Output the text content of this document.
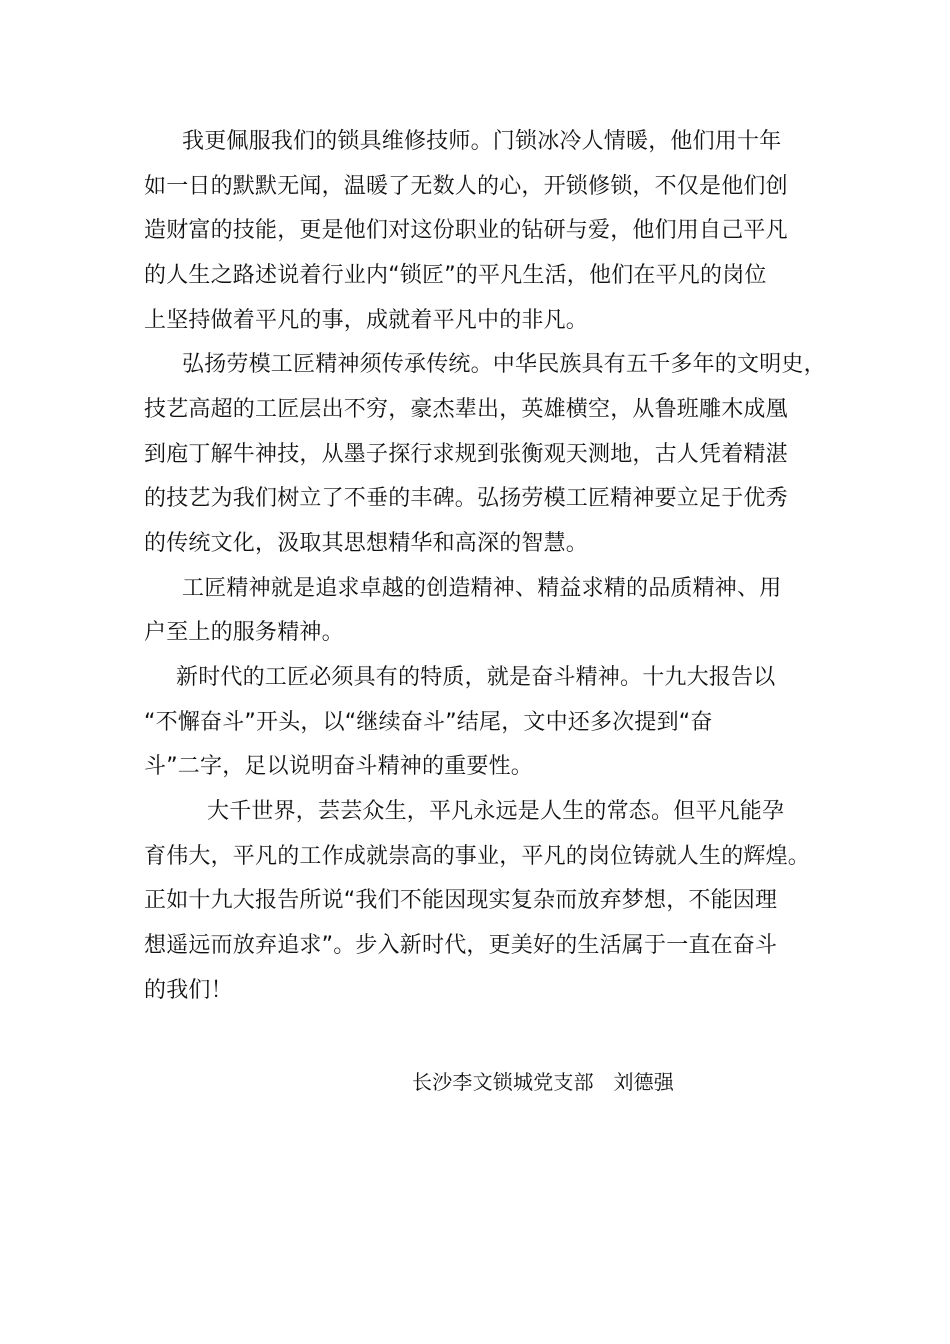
我更佩服我们的锁具维修技师。门锁冰冷人情暖，他们用十年
如一日的默默无闻，温暖了无数人的心，开锁修锁，不仅是他们创
造财富的技能，更是他们对这份职业的钻研与爱，他们用自己平凡
的人生之路述说着行业内“锁匠”的平凡生活，他们在平凡的岗位
上坚持做着平凡的事，成就着平凡中的非凡。
弘扬劳模工匠精神须传承传统。中华民族具有五千多年的文明史，
技艺高超的工匠层出不穷，豪杰辈出，英雄横空，从鲁班雕木成凰
到庖丁解牛神技，从墨子探行求规到张衡观天测地，古人凭着精湛
的技艺为我们树立了不垂的丰碑。弘扬劳模工匠精神要立足于优秀
的传统文化，汲取其思想精华和高深的智慧。
工匠精神就是追求卓越的创造精神、精益求精的品质精神、用
户至上的服务精神。
新时代的工匠必须具有的特质，就是奋斗精神。十九大报告以
“不懈奋斗”开头，以“继续奋斗”结尾，文中还多次提到“奋
斗”二字，足以说明奋斗精神的重要性。
大千世界，芸芸众生，平凡永远是人生的常态。但平凡能孕
育伟大，平凡的工作成就崇高的事业，平凡的岗位铸就人生的辉煌。
正如十九大报告所说“我们不能因现实复杂而放弃梦想，不能因理
想遥远而放弃追求”。步入新时代，更美好的生活属于一直在奋斗
的我们！
长沙李文锁城党支部   刘德强
